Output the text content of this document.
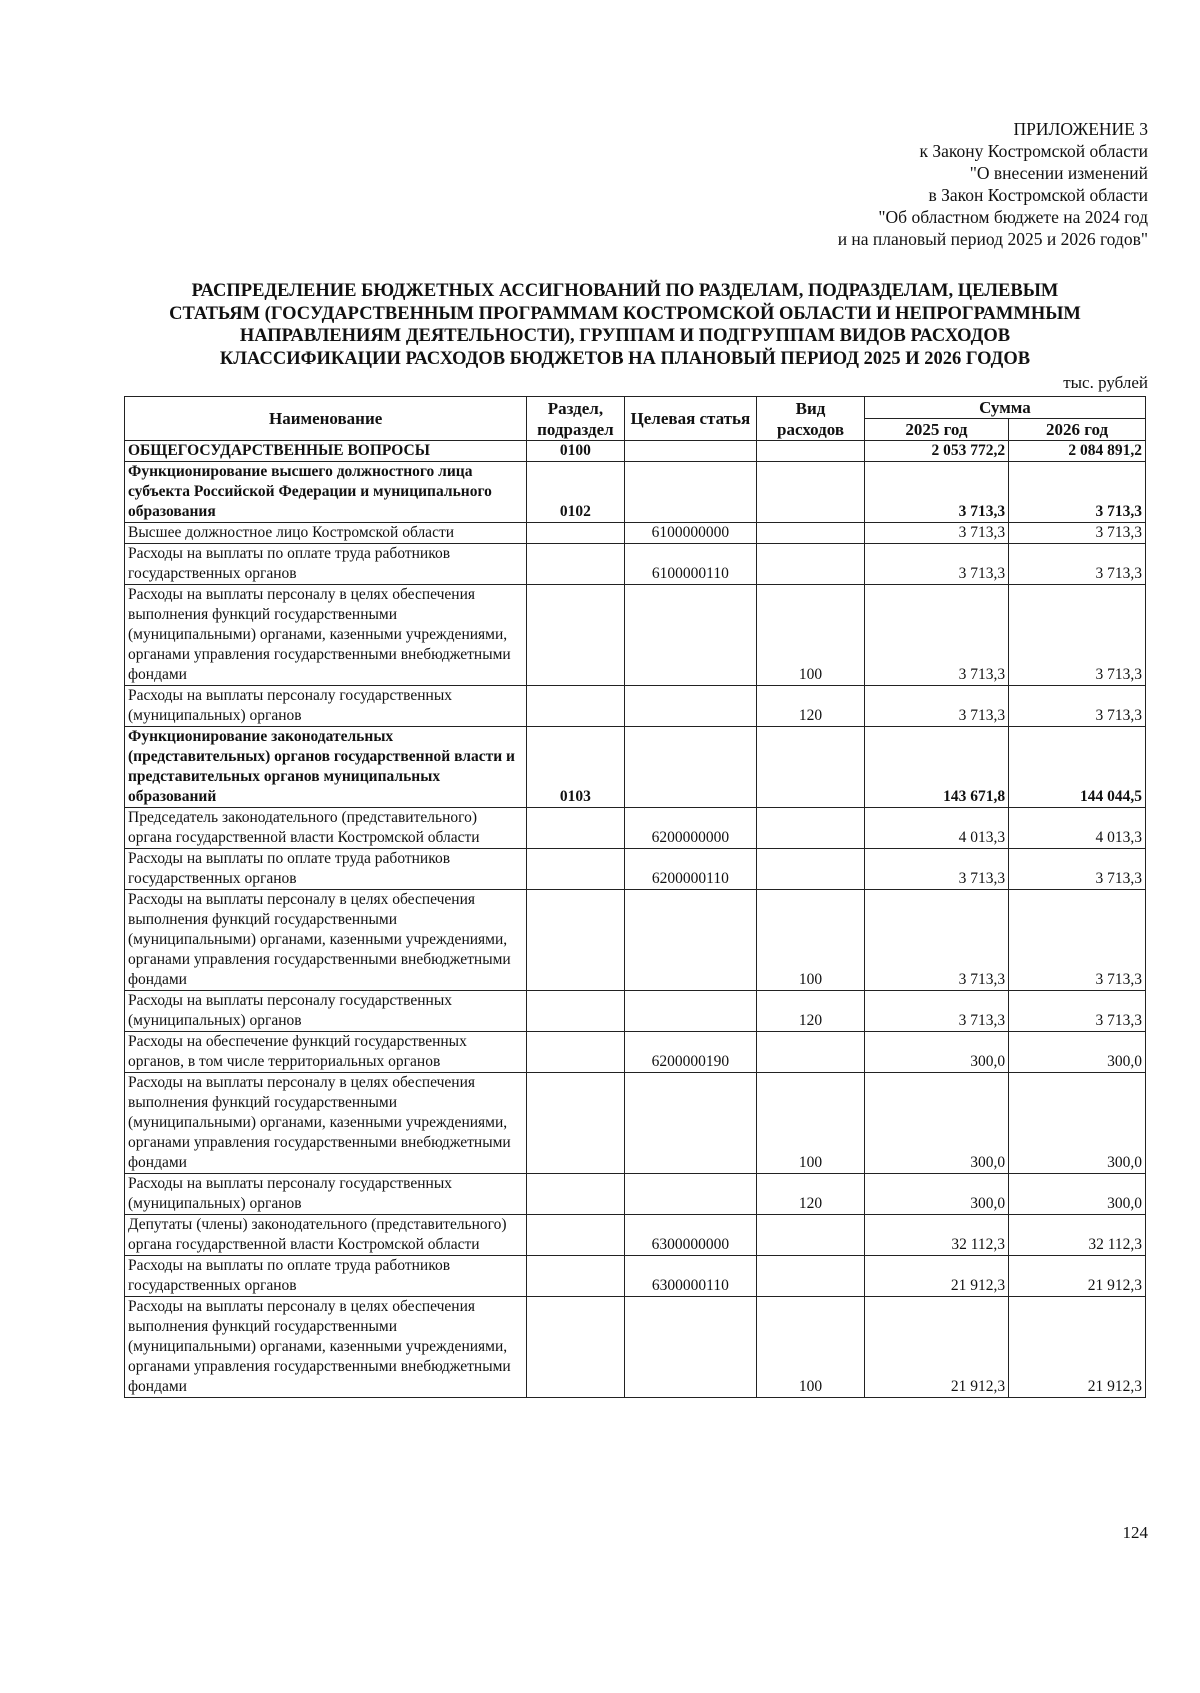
ПРИЛОЖЕНИЕ 3
к Закону Костромской области
"О внесении изменений
в Закон Костромской области
"Об областном бюджете на 2024 год
и на плановый период 2025 и 2026 годов"
РАСПРЕДЕЛЕНИЕ БЮДЖЕТНЫХ АССИГНОВАНИЙ ПО РАЗДЕЛАМ, ПОДРАЗДЕЛАМ, ЦЕЛЕВЫМ
СТАТЬЯМ (ГОСУДАРСТВЕННЫМ ПРОГРАММАМ КОСТРОМСКОЙ ОБЛАСТИ И НЕПРОГРАММНЫМ
НАПРАВЛЕНИЯМ ДЕЯТЕЛЬНОСТИ), ГРУППАМ И ПОДГРУППАМ ВИДОВ РАСХОДОВ
КЛАССИФИКАЦИИ РАСХОДОВ БЮДЖЕТОВ НА ПЛАНОВЫЙ ПЕРИОД 2025 И 2026 ГОДОВ
тыс. рублей
Наименование	Раздел, подраздел	Целевая статья	Вид расходов	Сумма	
				2025 год	2026 год
ОБЩЕГОСУДАРСТВЕННЫЕ ВОПРОСЫ	0100			2 053 772,2	2 084 891,2
Функционирование высшего должностного лица субъекта Российской Федерации и муниципального образования	0102			3 713,3	3 713,3
Высшее должностное лицо Костромской области		6100000000		3 713,3	3 713,3
Расходы на выплаты по оплате труда работников государственных органов		6100000110		3 713,3	3 713,3
Расходы на выплаты персоналу в целях обеспечения выполнения функций государственными (муниципальными) органами, казенными учреждениями, органами управления государственными внебюджетными фондами			100	3 713,3	3 713,3
Расходы на выплаты персоналу государственных (муниципальных) органов			120	3 713,3	3 713,3
Функционирование законодательных (представительных) органов государственной власти и представительных органов муниципальных образований	0103			143 671,8	144 044,5
Председатель законодательного (представительного) органа государственной власти Костромской области		6200000000		4 013,3	4 013,3
Расходы на выплаты по оплате труда работников государственных органов		6200000110		3 713,3	3 713,3
Расходы на выплаты персоналу в целях обеспечения выполнения функций государственными (муниципальными) органами, казенными учреждениями, органами управления государственными внебюджетными фондами			100	3 713,3	3 713,3
Расходы на выплаты персоналу государственных (муниципальных) органов			120	3 713,3	3 713,3
Расходы на обеспечение функций государственных органов, в том числе территориальных органов		6200000190		300,0	300,0
Расходы на выплаты персоналу в целях обеспечения выполнения функций государственными (муниципальными) органами, казенными учреждениями, органами управления государственными внебюджетными фондами			100	300,0	300,0
Расходы на выплаты персоналу государственных (муниципальных) органов			120	300,0	300,0
Депутаты (члены) законодательного (представительного) органа государственной власти Костромской области		6300000000		32 112,3	32 112,3
Расходы на выплаты по оплате труда работников государственных органов		6300000110		21 912,3	21 912,3
Расходы на выплаты персоналу в целях обеспечения выполнения функций государственными (муниципальными) органами, казенными учреждениями, органами управления государственными внебюджетными фондами			100	21 912,3	21 912,3
124
